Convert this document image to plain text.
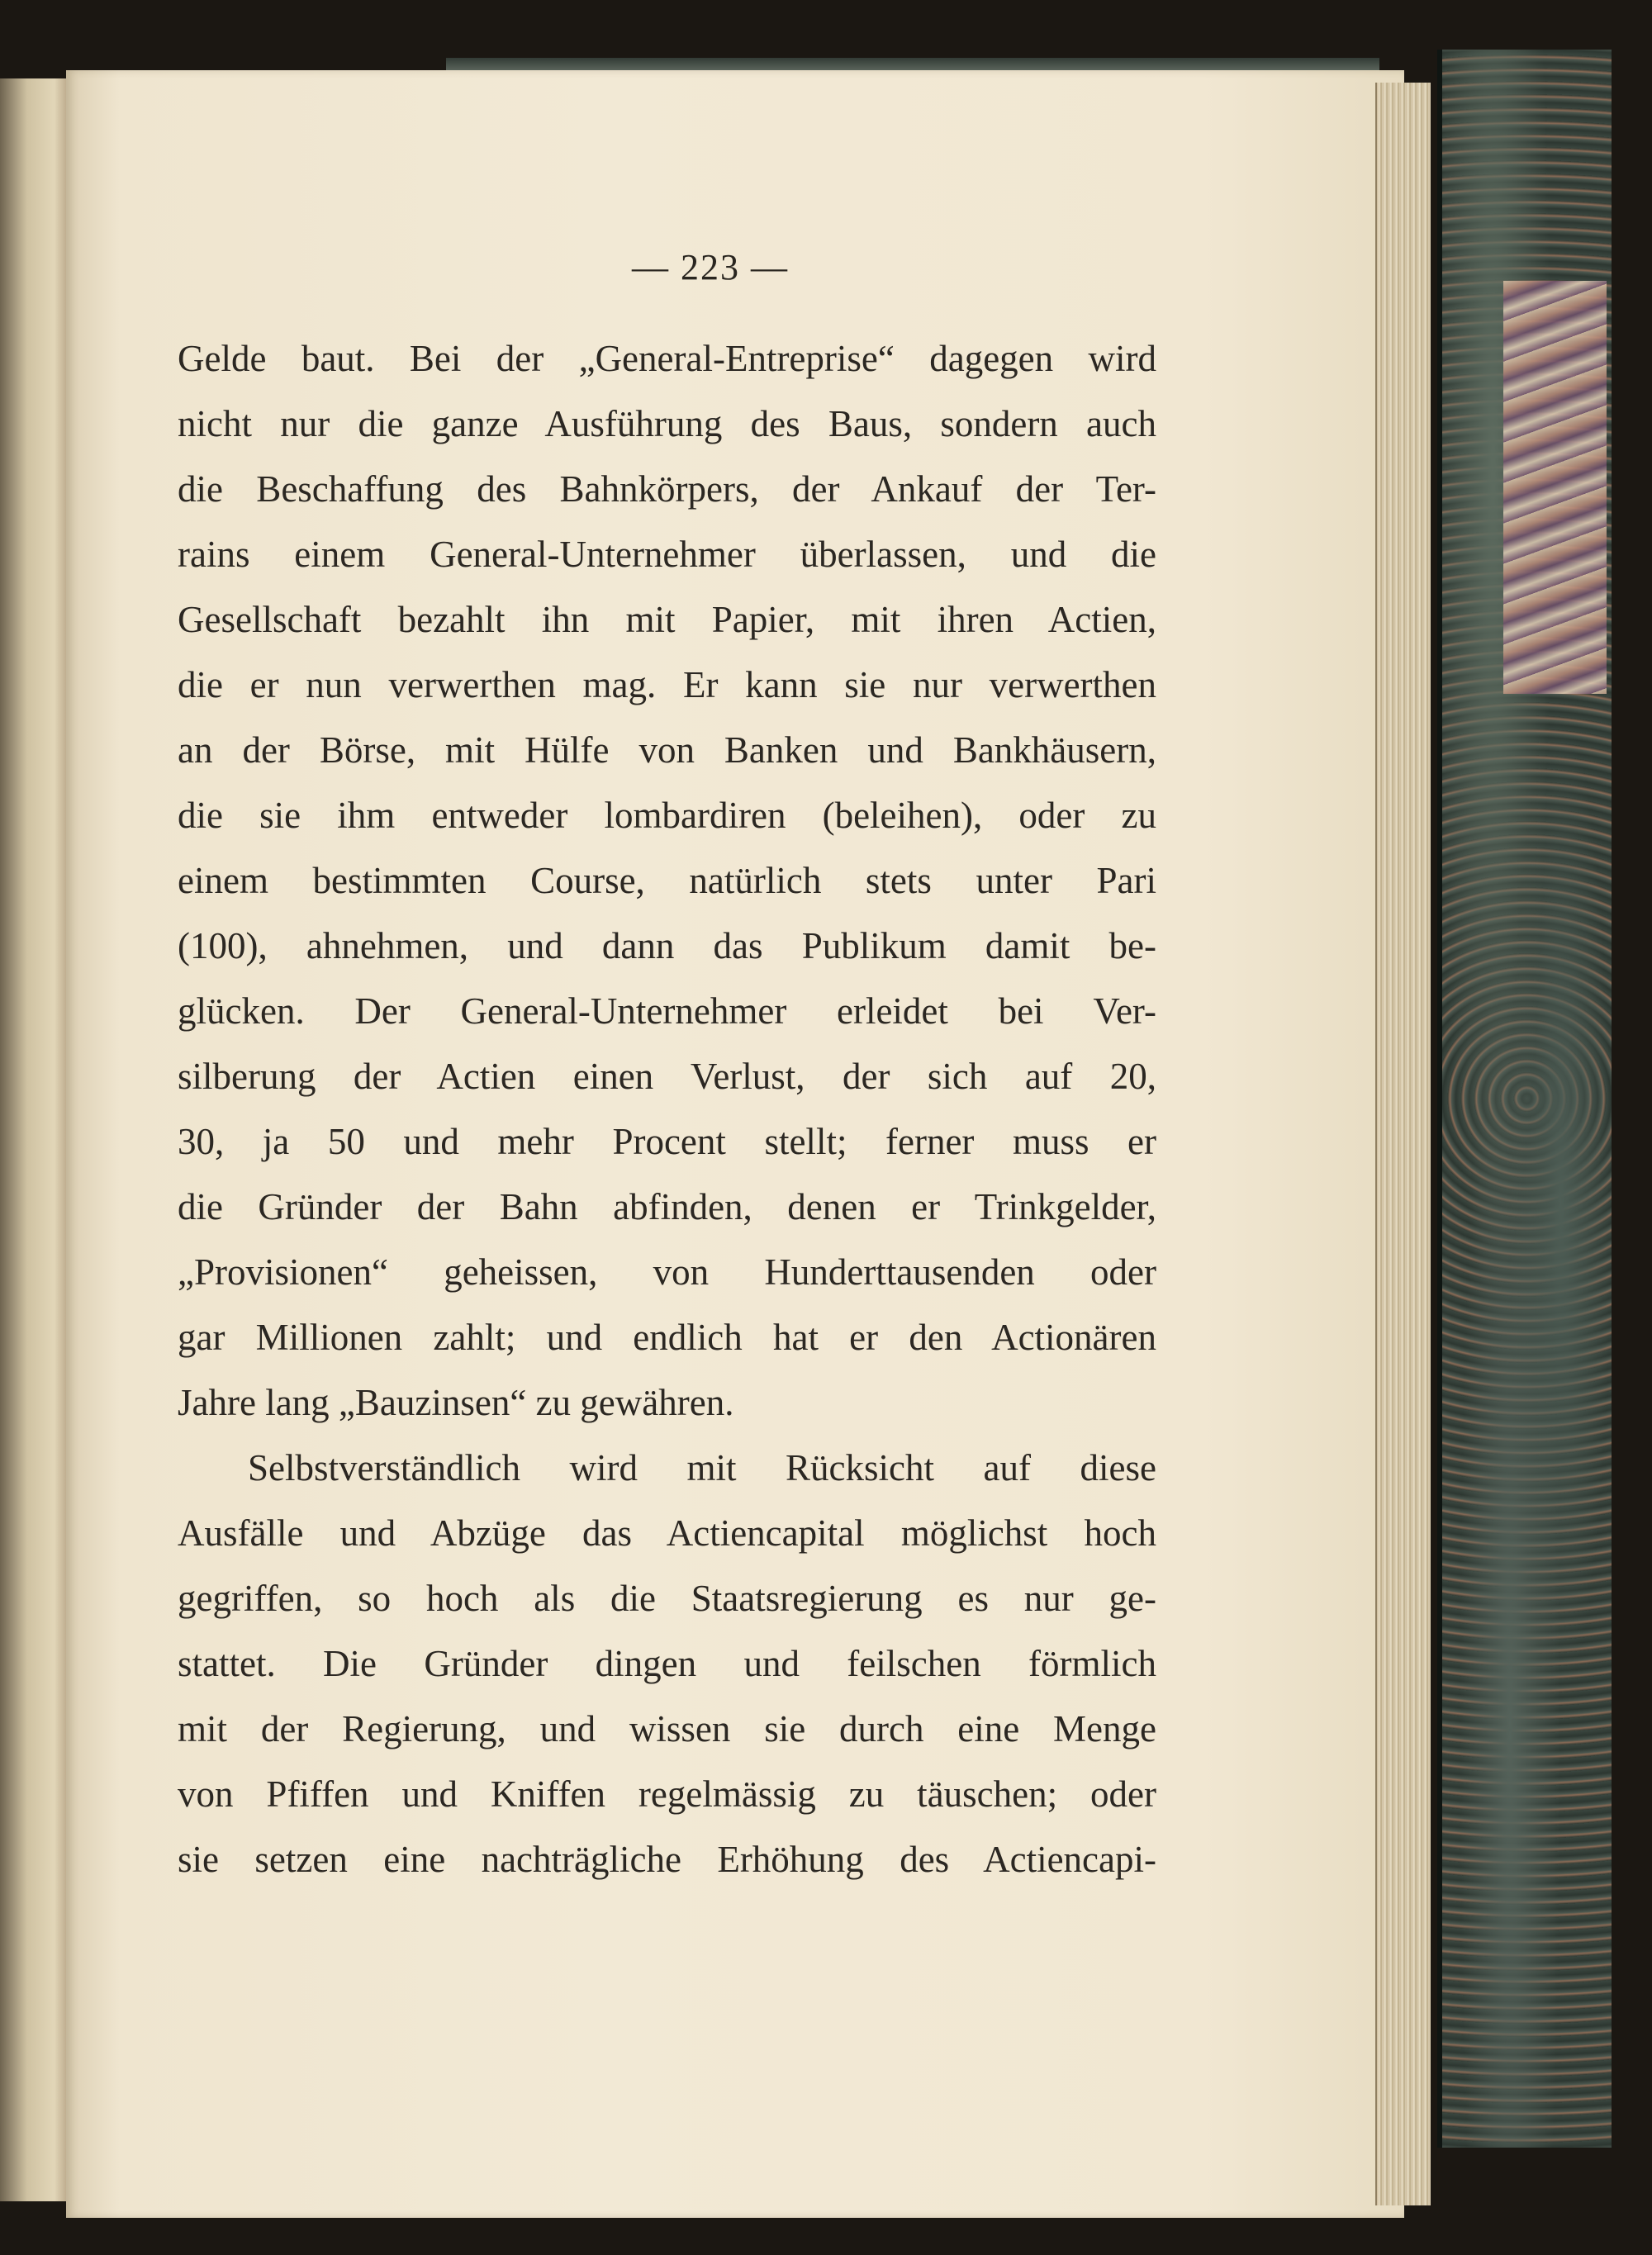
— 223 —
Gelde baut. Bei der „General-Entreprise“ dagegen wird
nicht nur die ganze Ausführung des Baus, sondern auch
die Beschaffung des Bahnkörpers, der Ankauf der Ter-
rains einem General-Unternehmer überlassen, und die
Gesellschaft bezahlt ihn mit Papier, mit ihren Actien,
die er nun verwerthen mag. Er kann sie nur verwerthen
an der Börse, mit Hülfe von Banken und Bankhäusern,
die sie ihm entweder lombardiren (beleihen), oder zu
einem bestimmten Course, natürlich stets unter Pari
(100), ahnehmen, und dann das Publikum damit be-
glücken. Der General-Unternehmer erleidet bei Ver-
silberung der Actien einen Verlust, der sich auf 20,
30, ja 50 und mehr Procent stellt; ferner muss er
die Gründer der Bahn abfinden, denen er Trinkgelder,
„Provisionen“ geheissen, von Hunderttausenden oder
gar Millionen zahlt; und endlich hat er den Actionären
Jahre lang „Bauzinsen“ zu gewähren.
Selbstverständlich wird mit Rücksicht auf diese
Ausfälle und Abzüge das Actiencapital möglichst hoch
gegriffen, so hoch als die Staatsregierung es nur ge-
stattet. Die Gründer dingen und feilschen förmlich
mit der Regierung, und wissen sie durch eine Menge
von Pfiffen und Kniffen regelmässig zu täuschen; oder
sie setzen eine nachträgliche Erhöhung des Actiencapi-
